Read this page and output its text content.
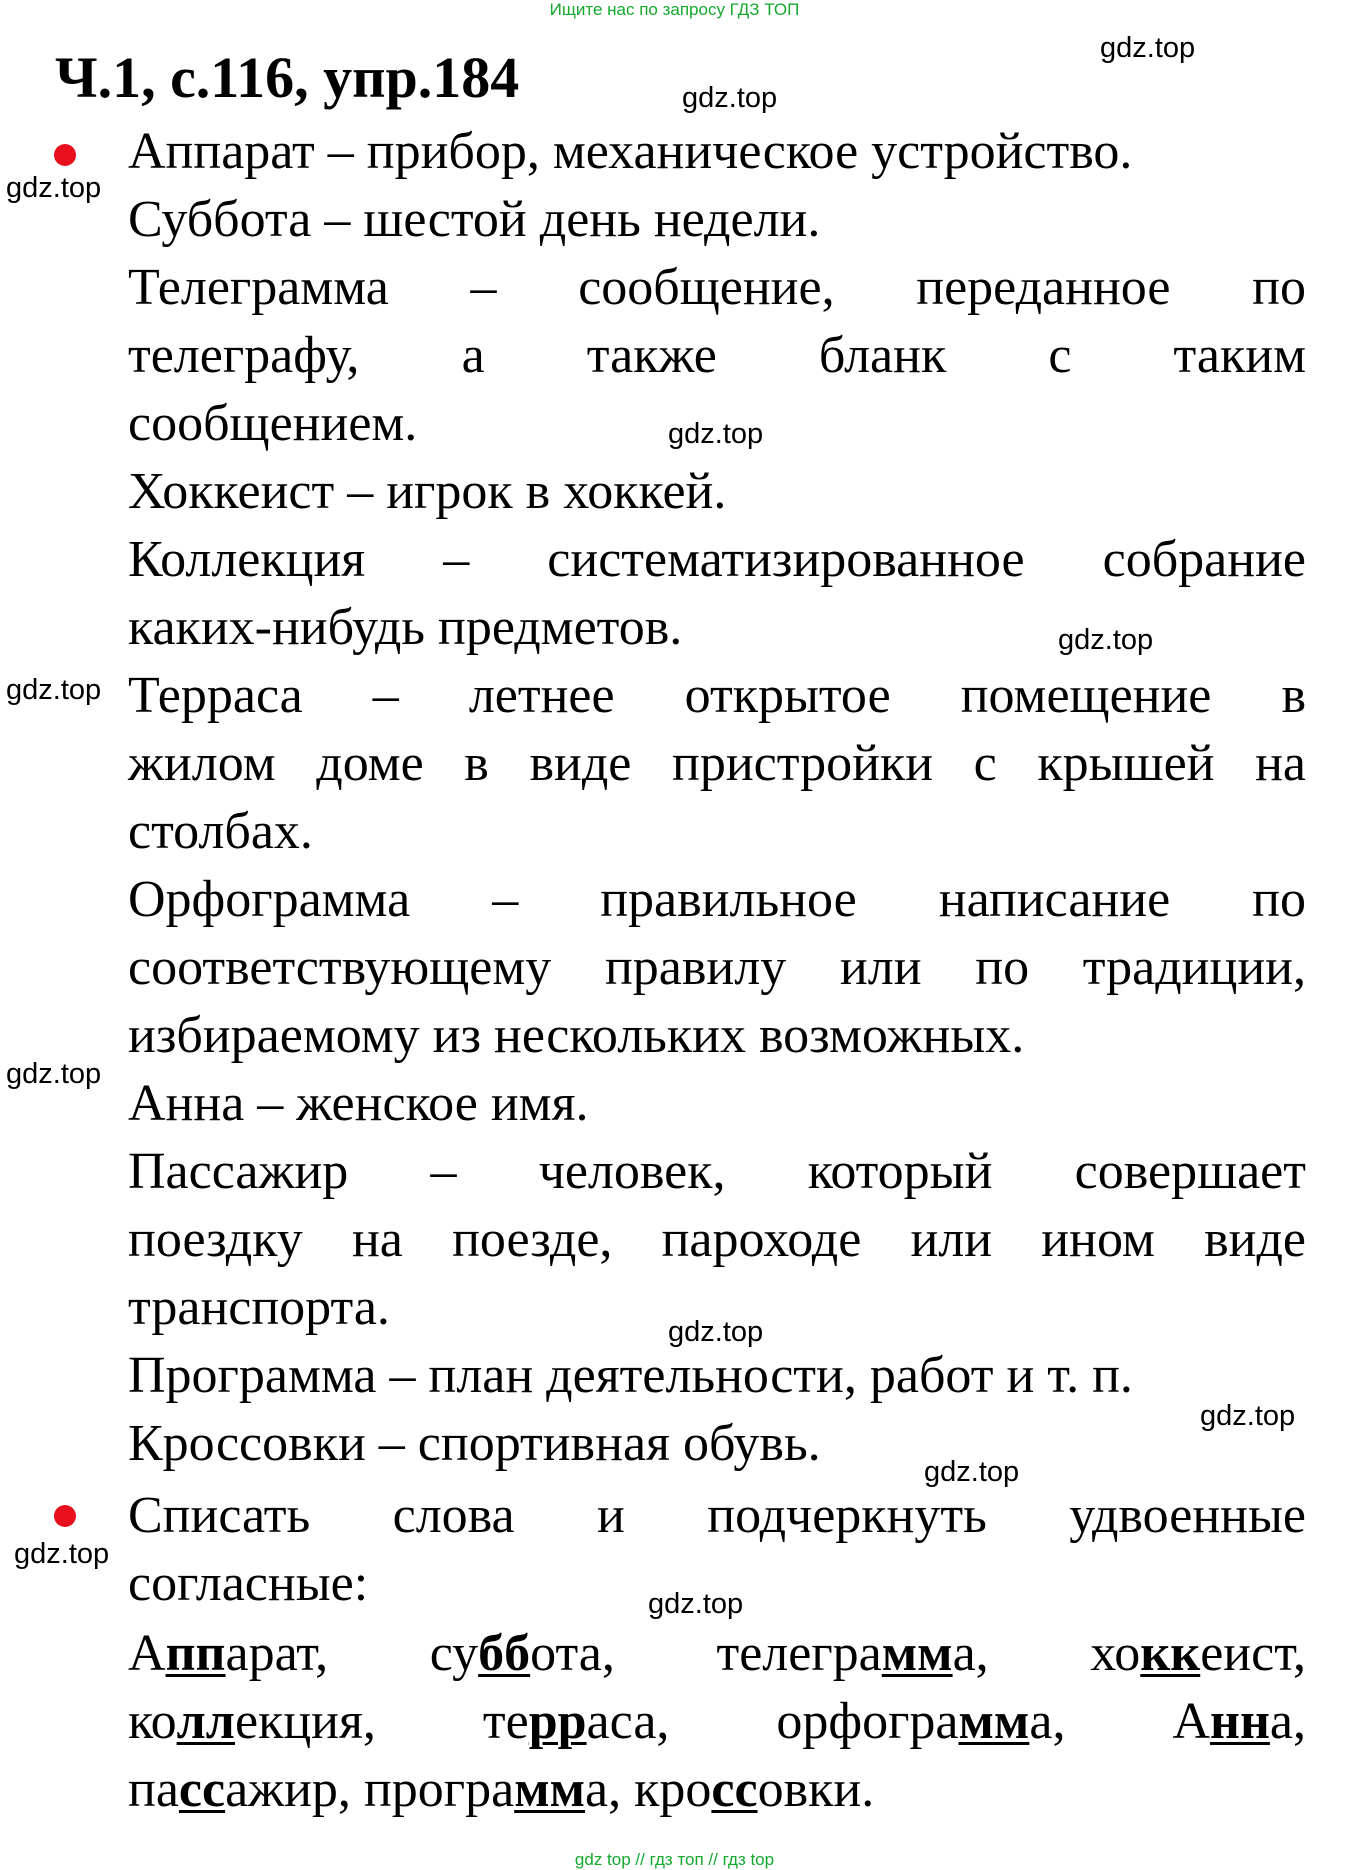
Ищите нас по запросу ГДЗ ТОП
Ч.1, с.116, упр.184	gdz.top
gdz.top
gdz.top
gdz.top
gdz.top
gdz.top
gdz.top
gdz.top
gdz.top
gdz.top
gdz.top
gdz.top
Аппарат – прибор, механическое устройство.
Суббота – шестой день недели.
Телеграмма – сообщение, переданное по
телеграфу, а также бланк с таким
сообщением.
Хоккеист – игрок в хоккей.
Коллекция – систематизированное собрание
каких-нибудь предметов.
Терраса – летнее открытое помещение в
жилом доме в виде пристройки с крышей на
столбах.
Орфограмма – правильное написание по
соответствующему правилу или по традиции,
избираемому из нескольких возможных.
Анна – женское имя.
Пассажир – человек, который совершает
поездку на поезде, пароходе или ином виде
транспорта.
Программа – план деятельности, работ и т. п.
Кроссовки – спортивная обувь.
Списать слова и подчеркнуть удвоенные
согласные:
Аппарат, суббота, телеграмма, хоккеист,
коллекция, терраса, орфограмма, Анна,
пассажир, программа, кроссовки.
gdz top // гдз топ // гдз top
